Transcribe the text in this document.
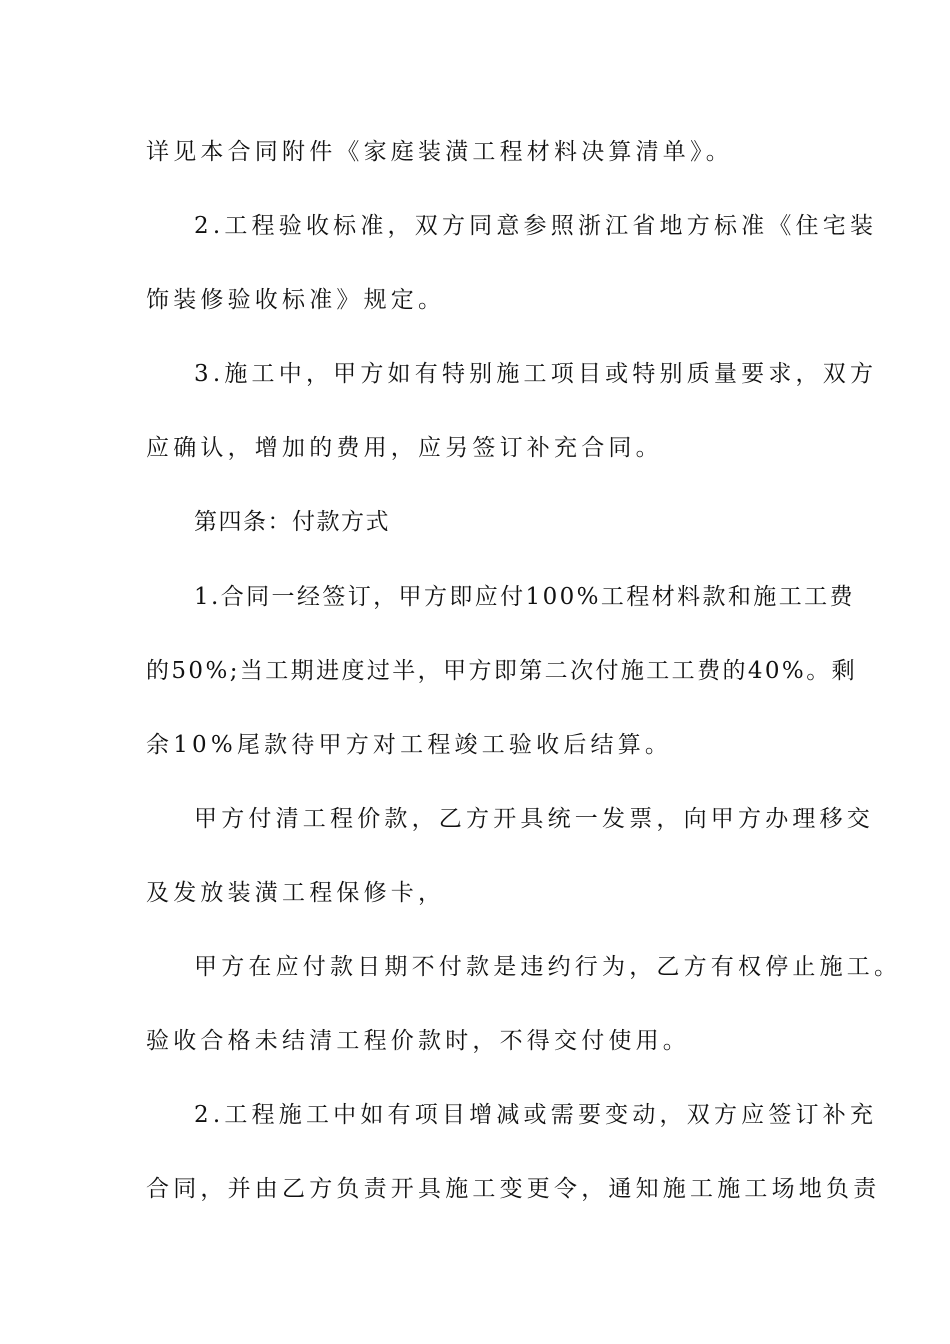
详见本合同附件《家庭装潢工程材料决算清单》。
2.工程验收标准，双方同意参照浙江省地方标准《住宅装
饰装修验收标准》规定。
3.施工中，甲方如有特别施工项目或特别质量要求，双方
应确认，增加的费用，应另签订补充合同。
第四条：付款方式
1.合同一经签订，甲方即应付100%工程材料款和施工工费
的50%;当工期进度过半，甲方即第二次付施工工费的40%。剩
余10%尾款待甲方对工程竣工验收后结算。
甲方付清工程价款，乙方开具统一发票，向甲方办理移交
及发放装潢工程保修卡，
甲方在应付款日期不付款是违约行为，乙方有权停止施工。
验收合格未结清工程价款时，不得交付使用。
2.工程施工中如有项目增减或需要变动，双方应签订补充
合同，并由乙方负责开具施工变更令，通知施工施工场地负责
